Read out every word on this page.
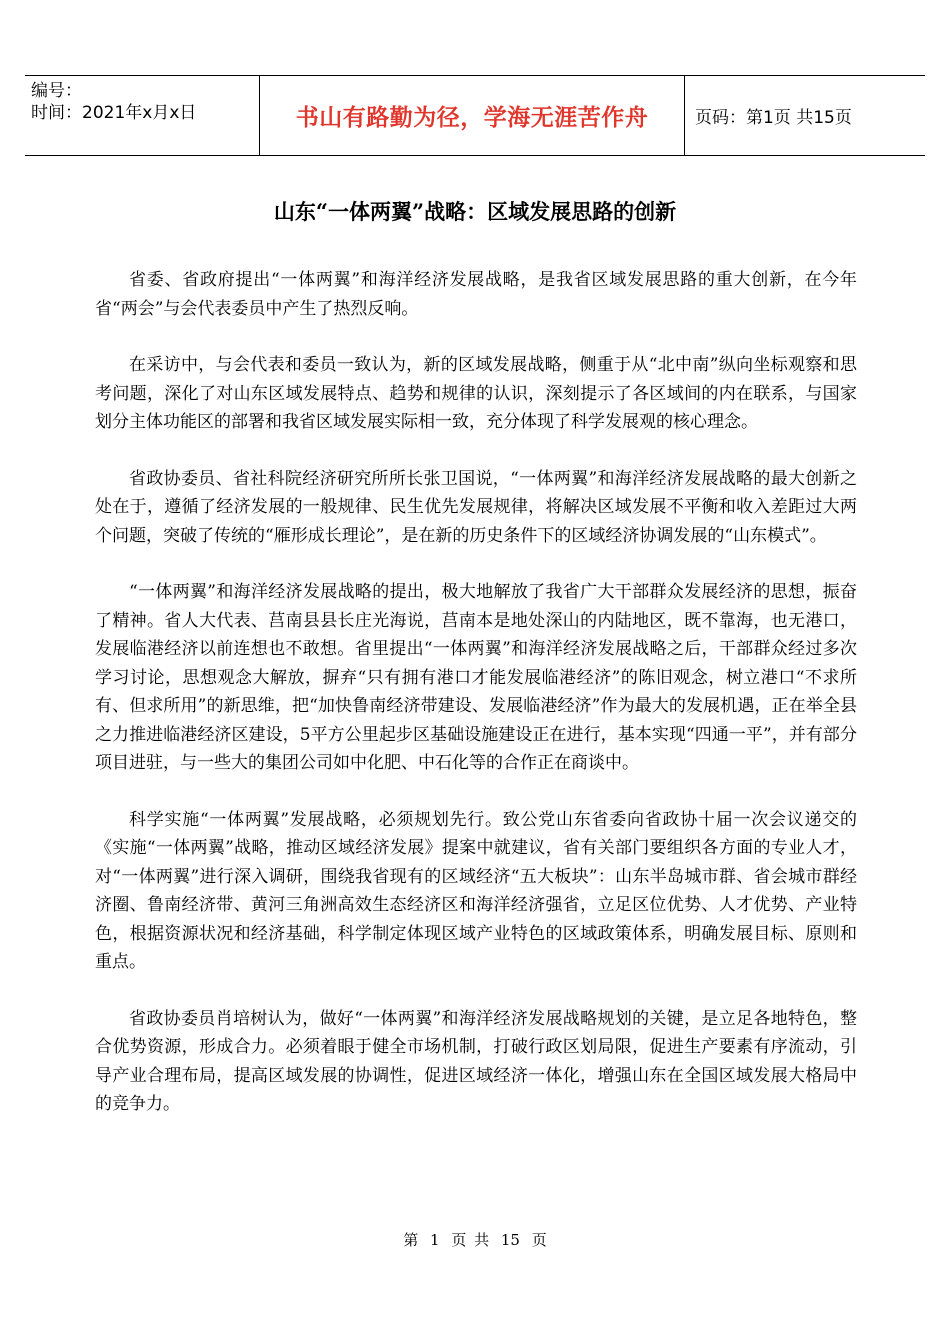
编号：
时间：2021年x月x日	书山有路勤为径，学海无涯苦作舟	页码：第1页 共15页
山东“一体两翼”战略：区域发展思路的创新

省委、省政府提出“一体两翼”和海洋经济发展战略，是我省区域发展思路的重大创新，在今年省“两会”与会代表委员中产生了热烈反响。

在采访中，与会代表和委员一致认为，新的区域发展战略，侧重于从“北中南”纵向坐标观察和思考问题，深化了对山东区域发展特点、趋势和规律的认识，深刻提示了各区域间的内在联系，与国家划分主体功能区的部署和我省区域发展实际相一致，充分体现了科学发展观的核心理念。

省政协委员、省社科院经济研究所所长张卫国说，“一体两翼”和海洋经济发展战略的最大创新之处在于，遵循了经济发展的一般规律、民生优先发展规律，将解决区域发展不平衡和收入差距过大两个问题，突破了传统的“雁形成长理论”，是在新的历史条件下的区域经济协调发展的“山东模式”。

“一体两翼”和海洋经济发展战略的提出，极大地解放了我省广大干部群众发展经济的思想，振奋了精神。省人大代表、莒南县县长庄光海说，莒南本是地处深山的内陆地区，既不靠海，也无港口，发展临港经济以前连想也不敢想。省里提出“一体两翼”和海洋经济发展战略之后，干部群众经过多次学习讨论，思想观念大解放，摒弃“只有拥有港口才能发展临港经济”的陈旧观念，树立港口“不求所有、但求所用”的新思维，把“加快鲁南经济带建设、发展临港经济”作为最大的发展机遇，正在举全县之力推进临港经济区建设，5平方公里起步区基础设施建设正在进行，基本实现“四通一平”，并有部分项目进驻，与一些大的集团公司如中化肥、中石化等的合作正在商谈中。

科学实施“一体两翼”发展战略，必须规划先行。致公党山东省委向省政协十届一次会议递交的《实施“一体两翼”战略，推动区域经济发展》提案中就建议，省有关部门要组织各方面的专业人才，对“一体两翼”进行深入调研，围绕我省现有的区域经济“五大板块”：山东半岛城市群、省会城市群经济圈、鲁南经济带、黄河三角洲高效生态经济区和海洋经济强省，立足区位优势、人才优势、产业特色，根据资源状况和经济基础，科学制定体现区域产业特色的区域政策体系，明确发展目标、原则和重点。

省政协委员肖培树认为，做好“一体两翼”和海洋经济发展战略规划的关键，是立足各地特色，整合优势资源，形成合力。必须着眼于健全市场机制，打破行政区划局限，促进生产要素有序流动，引导产业合理布局，提高区域发展的协调性，促进区域经济一体化，增强山东在全国区域发展大格局中的竞争力。

第 1 页 共 15 页
